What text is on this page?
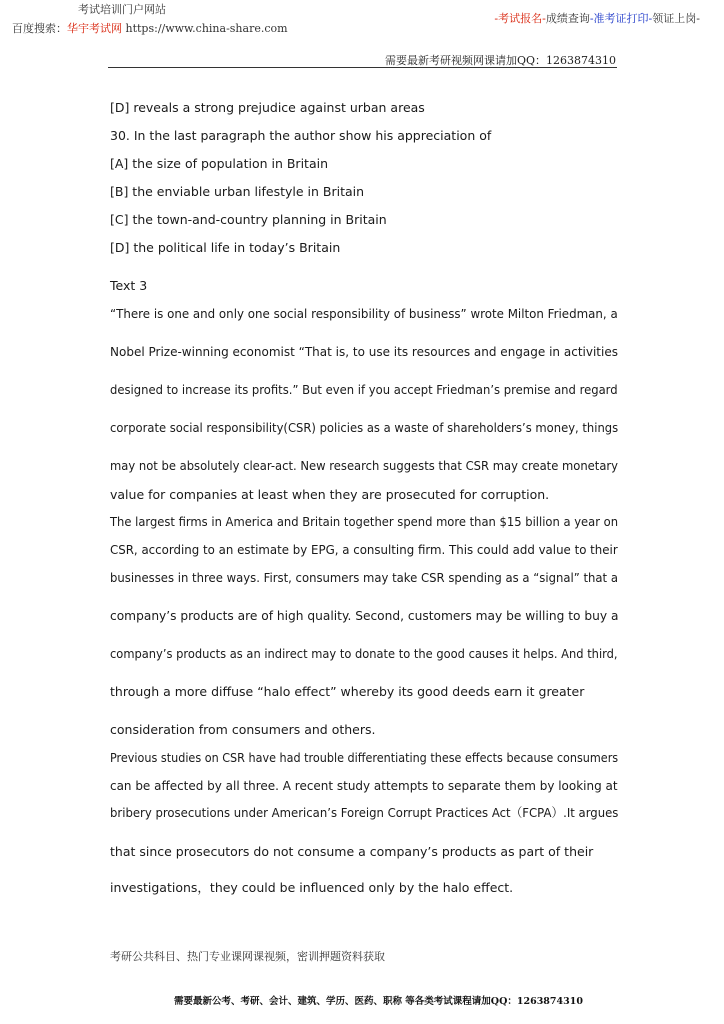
考试培训门户网站
百度搜索：华宇考试网 https://www.china-share.com
-考试报名-成绩查询-准考证打印-领证上岗-
需要最新考研视频网课请加QQ：1263874310
[D] reveals a strong prejudice against urban areas
30. In the last paragraph the author show his appreciation of
[A] the size of population in Britain
[B] the enviable urban lifestyle in Britain
[C] the town-and-country planning in Britain
[D] the political life in today’s Britain
Text 3
“There is one and only one social responsibility of business” wrote Milton Friedman, a
Nobel Prize-winning economist “That is, to use its resources and engage in activities
designed to increase its profits.” But even if you accept Friedman’s premise and regard
corporate social responsibility(CSR) policies as a waste of shareholders’s money, things
may not be absolutely clear-act. New research suggests that CSR may create monetary
value for companies at least when they are prosecuted for corruption.
The largest firms in America and Britain together spend more than $15 billion a year on
CSR, according to an estimate by EPG, a consulting firm. This could add value to their
businesses in three ways. First, consumers may take CSR spending as a “signal” that a
company’s products are of high quality. Second, customers may be willing to buy a
company’s products as an indirect may to donate to the good causes it helps. And third,
through a more diffuse “halo effect” whereby its good deeds earn it greater
consideration from consumers and others.
Previous studies on CSR have had trouble differentiating these effects because consumers
can be affected by all three. A recent study attempts to separate them by looking at
bribery prosecutions under American’s Foreign Corrupt Practices Act（FCPA）.It argues
that since prosecutors do not consume a company’s products as part of their
investigations，they could be influenced only by the halo effect.
考研公共科目、热门专业课网课视频，密训押题资料获取
需要最新公考、考研、会计、建筑、学历、医药、职称 等各类考试课程请加QQ：1263874310
